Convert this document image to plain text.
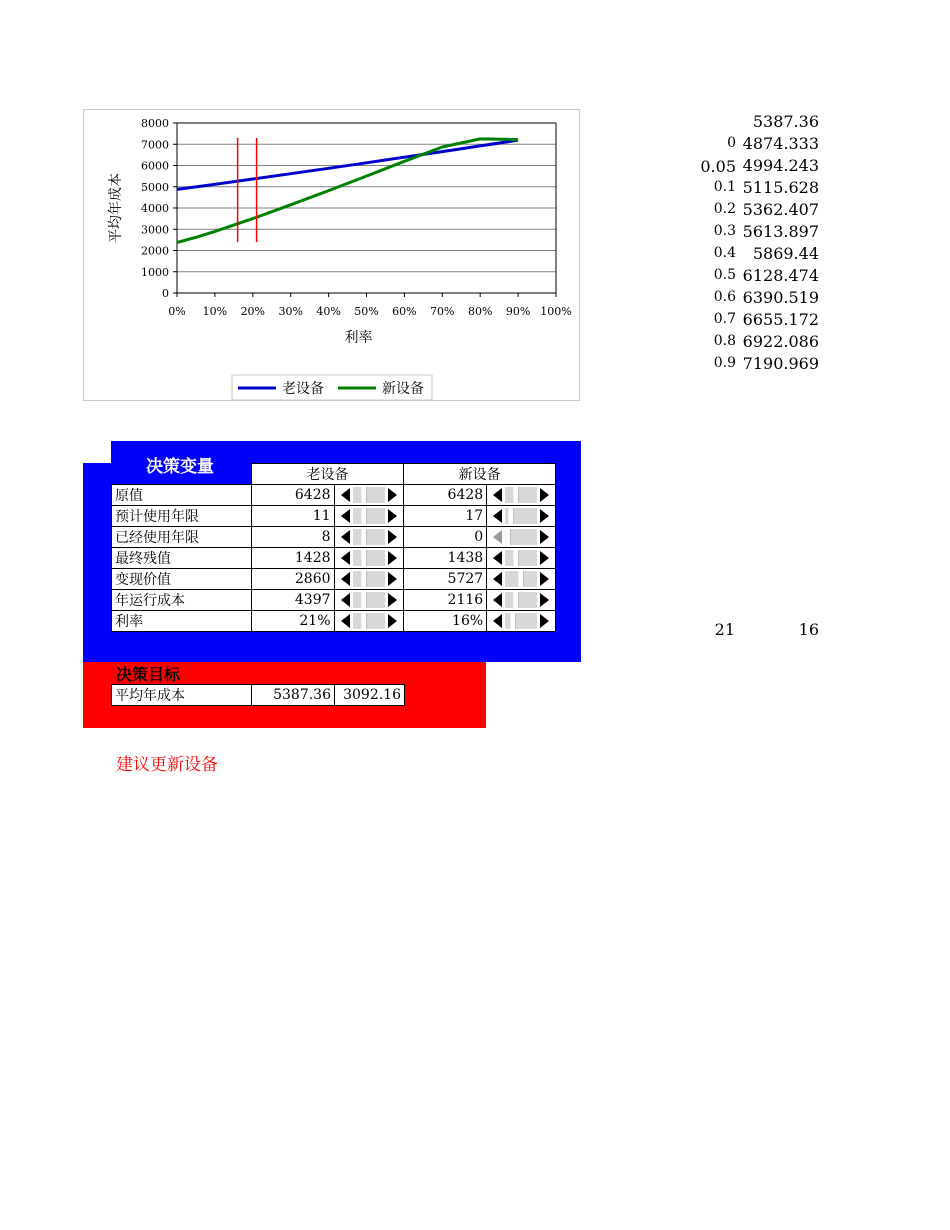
0
1000
2000
3000
4000
5000
6000
7000
8000
0% 10% 20% 30% 40% 50% 60% 70% 80% 90% 100%
利率
平均年成本
老设备	新设备
5387.36
0 4874.333
0.05 4994.243
0.1 5115.628
0.2 5362.407
0.3 5613.897
0.4	5869.44
0.5 6128.474
0.6 6390.519
0.7 6655.172
0.8 6922.086
0.9 7190.969
21	16
决策变量
		老设备		新设备	
原值	6428		6428	

预计使用年限	11		17	

已经使用年限	8		0	

最终残值	1428		1438	

变现价值	2860		5727	

年运行成本	4397		2116	

利率	21%		16%	
决策目标
平均年成本	5387.36	3092.16
建议更新设备
